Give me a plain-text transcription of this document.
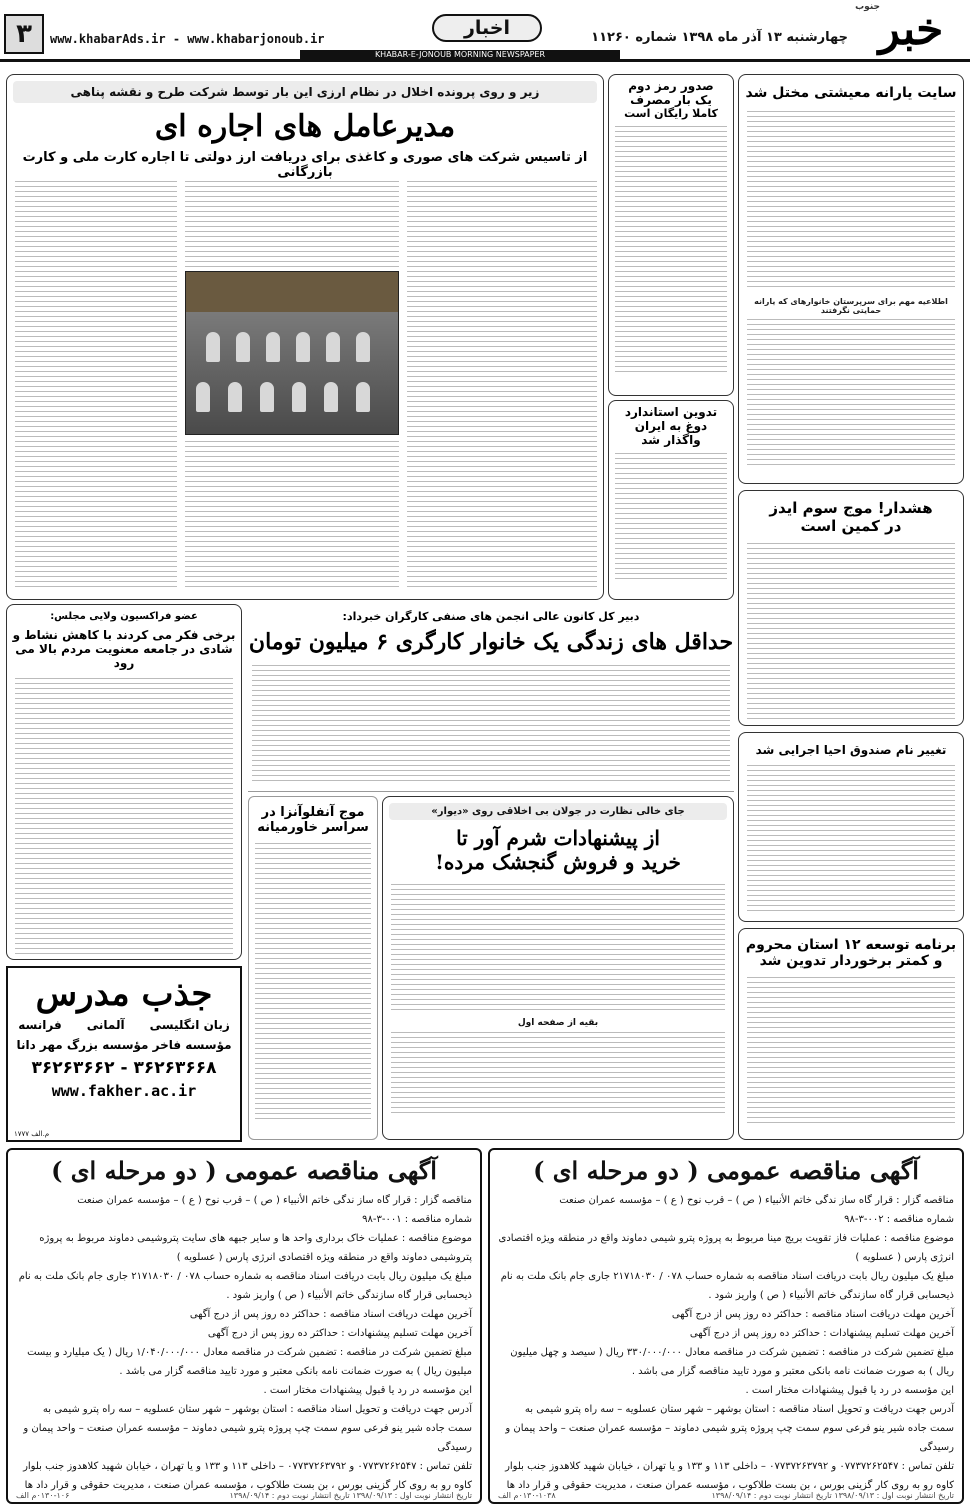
خبر
جنوب
چهارشنبه ۱۳ آذر ماه ۱۳۹۸ شماره ۱۱۲۶۰
اخبار
www.khabarAds.ir - www.khabarjonoub.ir
۳
KHABAR-E-JONOUB MORNING NEWSPAPER
سایت یارانه معیشتی مختل شد
اطلاعیه مهم برای سرپرستان خانوارهای که یارانه حمایتی نگرفتند
هشدار! موج سوم ایدز
در کمین است
تغییر نام صندوق احیا اجرایی شد
برنامه توسعه ۱۲ استان محروم
و کمتر برخوردار تدوین شد
صدور رمز دوم
یک بار مصرف
کاملا رایگان است
تدوین استاندارد
دوغ به ایران
واگذار شد
زیر و روی پرونده اخلال در نظام ارزی این بار توسط شرکت طرح و نقشه پناهی
مدیرعامل های اجاره ای
از تاسیس شرکت های صوری و کاغذی برای دریافت ارز دولتی تا اجاره کارت ملی و کارت بازرگانی
دبیر کل کانون عالی انجمن های صنفی کارگران خبرداد:
حداقل های زندگی یک خانوار کارگری ۶ میلیون تومان
عضو فراکسیون ولایی مجلس:
برخی فکر می کردند با کاهش نشاط و
شادی در جامعه معنویت مردم بالا می رود
جای خالی نظارت در جولان بی اخلاقی روی «دیوار»
از پیشنهادات شرم آور تا
خرید و فروش گنجشک مرده!
بقیه از صفحه اول
موج آنفلوآنزا در
سراسر خاورمیانه
جذب مدرس
زبان انگلیسی      آلمانی      فرانسه
مؤسسه فاخر مؤسسه بزرگ مهر دانا
۳۶۲۶۳۶۶۸ - ۳۶۲۶۳۶۶۲
www.fakher.ac.ir
م.الف ۱۷۷۷
آگهی مناقصه عمومی ( دو مرحله ای )
مناقصه گزار : قرار گاه ساز ندگی خاتم الأنبیاء ( ص ) – قرب نوح ( ع ) – مؤسسه عمران صنعت
شماره مناقصه : ۰۰۲-۳-۹۸
موضوع مناقصه : عملیات فاز تقویت بریج مینا مربوط به پروژه پترو شیمی دماوند واقع در منطقه ویژه اقتصادی انرژی پارس ( عسلویه )
مبلغ یک میلیون ریال بابت دریافت اسناد مناقصه به شماره حساب ۰۷۸ / ۲۱۷۱۸۰۳۰ جاری جام بانک ملت به نام ذیحسابی قرار گاه سازندگی خاتم الأنبیاء ( ص ) واریز شود .
آخرین مهلت دریافت اسناد مناقصه : حداکثر ده روز پس از درج آگهی
آخرین مهلت تسلیم پیشنهادات : حداکثر ده روز پس از درج آگهی
مبلغ تضمین شرکت در مناقصه : تضمین شرکت در مناقصه معادل ۳۳۰/۰۰۰/۰۰۰ ریال ( سیصد و چهل میلیون ریال ) به صورت ضمانت نامه بانکی معتبر و مورد تایید مناقصه گزار می باشد .
این مؤسسه در رد یا قبول پیشنهادات مختار است .
آدرس جهت دریافت و تحویل اسناد مناقصه : استان بوشهر – شهر ستان عسلویه – سه راه پترو شیمی به سمت جاده شیر ینو فرعی سوم سمت چپ پروژه پترو شیمی دماوند – مؤسسه عمران صنعت – واحد پیمان و رسیدگی
تلفن تماس : ۰۷۷۳۷۲۶۲۵۴۷ و ۰۷۷۳۷۲۶۳۷۹۲ – داخلی ۱۱۳ و ۱۳۳ و یا تهران ، خیابان شهید کلاهدوز جنب بلوار کاوه رو به روی کار گزینی بورس ، بن بست طلاکوب ، مؤسسه عمران صنعت ، مدیریت حقوقی و قرار داد ها
تاریخ انتشار نوبت اول : ۱۳۹۸/۰۹/۱۳ تاریخ انتشار نوبت دوم : ۱۳۹۸/۰۹/۱۴
۰۱۳۰-۱۰۳۸م الف
آگهی مناقصه عمومی ( دو مرحله ای )
مناقصه گزار : قرار گاه ساز ندگی خاتم الأنبیاء ( ص ) – قرب نوح ( ع ) – مؤسسه عمران صنعت
شماره مناقصه : ۰۰۱-۳-۹۸
موضوع مناقصه : عملیات خاک برداری واحد ها و سایر جبهه های سایت پتروشیمی دماوند مربوط به پروژه پتروشیمی دماوند واقع در منطقه ویژه اقتصادی انرژی پارس ( عسلویه )
مبلغ یک میلیون ریال بابت دریافت اسناد مناقصه به شماره حساب ۰۷۸ / ۲۱۷۱۸۰۳۰ جاری جام بانک ملت به نام ذیحسابی قرار گاه سازندگی خاتم الأنبیاء ( ص ) واریز شود .
آخرین مهلت دریافت اسناد مناقصه : حداکثر ده روز پس از درج آگهی
آخرین مهلت تسلیم پیشنهادات : حداکثر ده روز پس از درج آگهی
مبلغ تضمین شرکت در مناقصه : تضمین شرکت در مناقصه معادل ۱/۰۴۰/۰۰۰/۰۰۰ ریال ( یک میلیارد و بیست میلیون ریال ) به صورت ضمانت نامه بانکی معتبر و مورد تایید مناقصه گزار می باشد .
این مؤسسه در رد یا قبول پیشنهادات مختار است .
آدرس جهت دریافت و تحویل اسناد مناقصه : استان بوشهر – شهر ستان عسلویه – سه راه پترو شیمی به سمت جاده شیر ینو فرعی سوم سمت چپ پروژه پترو شیمی دماوند – مؤسسه عمران صنعت – واحد پیمان و رسیدگی
تلفن تماس : ۰۷۷۳۷۲۶۲۵۴۷ و ۰۷۷۳۷۲۶۳۷۹۲ – داخلی ۱۱۳ و ۱۳۳ و یا تهران ، خیابان شهید کلاهدوز جنب بلوار کاوه رو به روی کار گزینی بورس ، بن بست طلاکوب ، مؤسسه عمران صنعت ، مدیریت حقوقی و قرار داد ها
تاریخ انتشار نوبت اول : ۱۳۹۸/۰۹/۱۳ تاریخ انتشار نوبت دوم : ۱۳۹۸/۰۹/۱۴
۰۱۳۰-۱۰۶م الف
